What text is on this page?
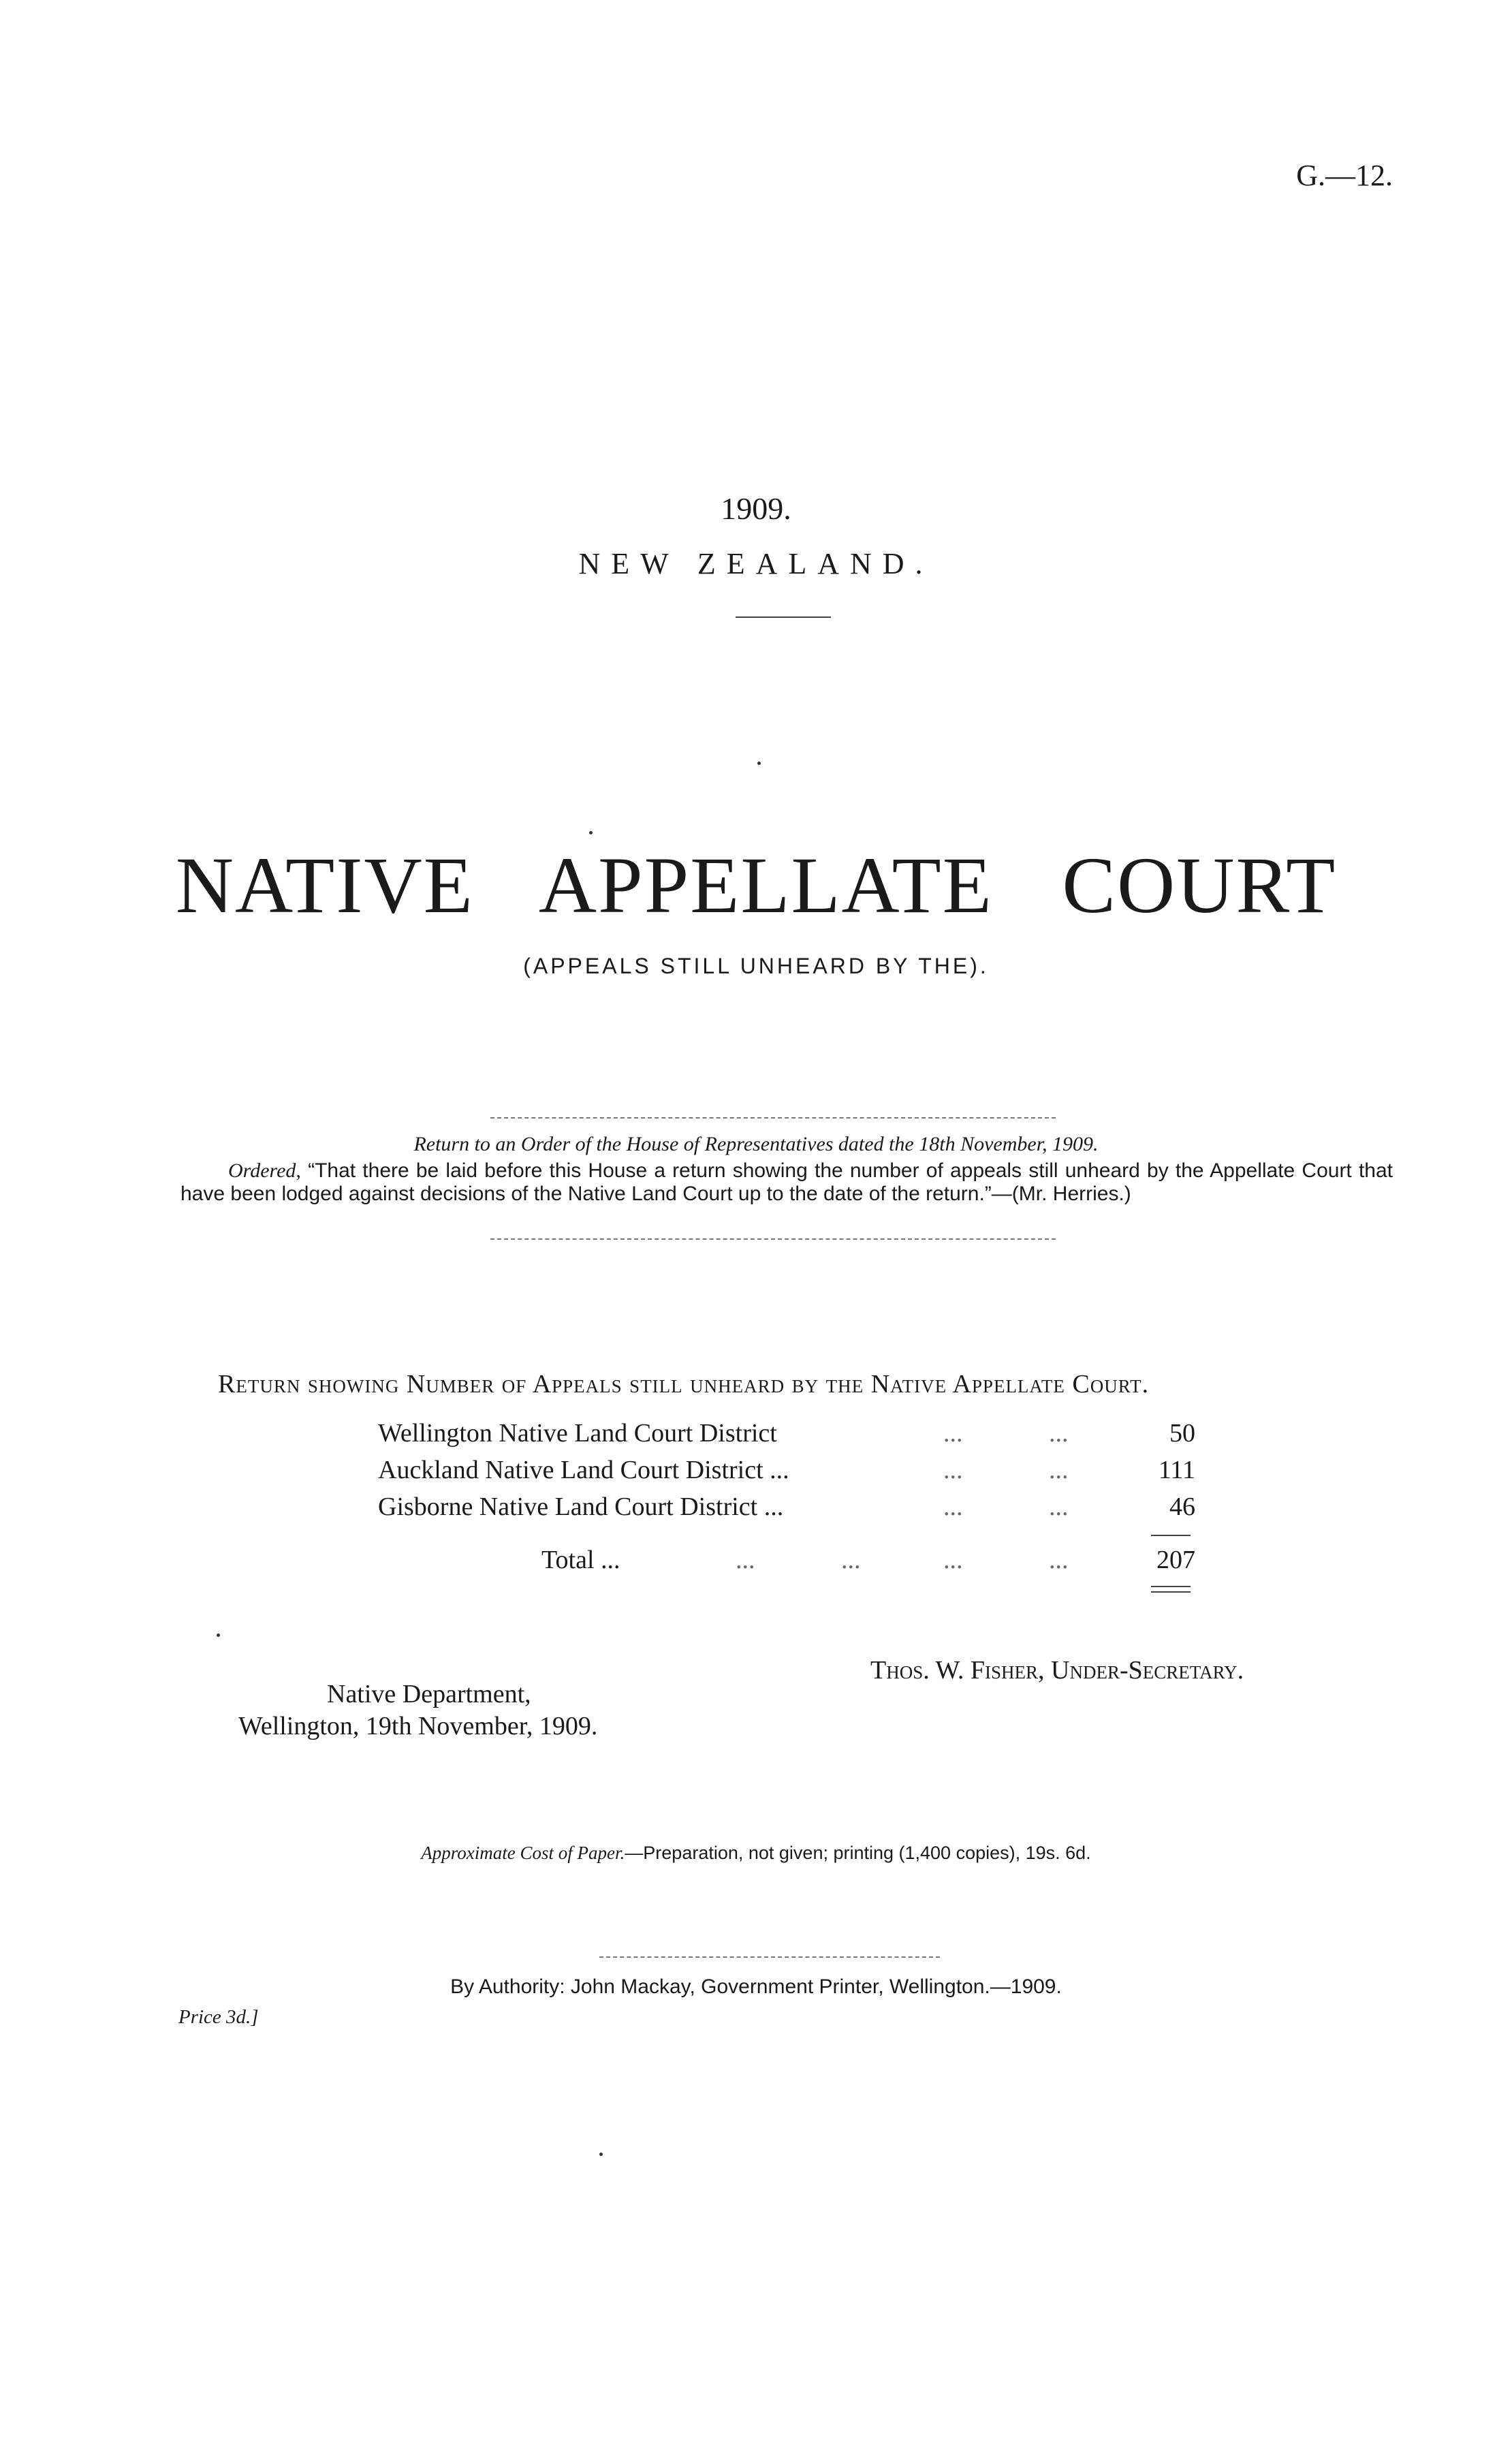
G.—12.
1909.
NEW ZEALAND.
NATIVE APPELLATE COURT
(APPEALS STILL UNHEARD BY THE).
Return to an Order of the House of Representatives dated the 18th November, 1909.
Ordered, “That there be laid before this House a return showing the number of appeals still unheard by the Appellate Court that have been lodged against decisions of the Native Land Court up to the date of the return.”—(Mr. Herries.)
Return showing Number of Appeals still unheard by the Native Appellate Court.
Wellington Native Land Court District	...	...	50
Auckland Native Land Court District ...	...	...	111
Gisborne Native Land Court District ...	...	...	46
Total ...	...	...	...	...	207
Thos. W. Fisher, Under-Secretary.
Native Department,
Wellington, 19th November, 1909.
Approximate Cost of Paper.—Preparation, not given; printing (1,400 copies), 19s. 6d.
By Authority: John Mackay, Government Printer, Wellington.—1909.
Price 3d.]
